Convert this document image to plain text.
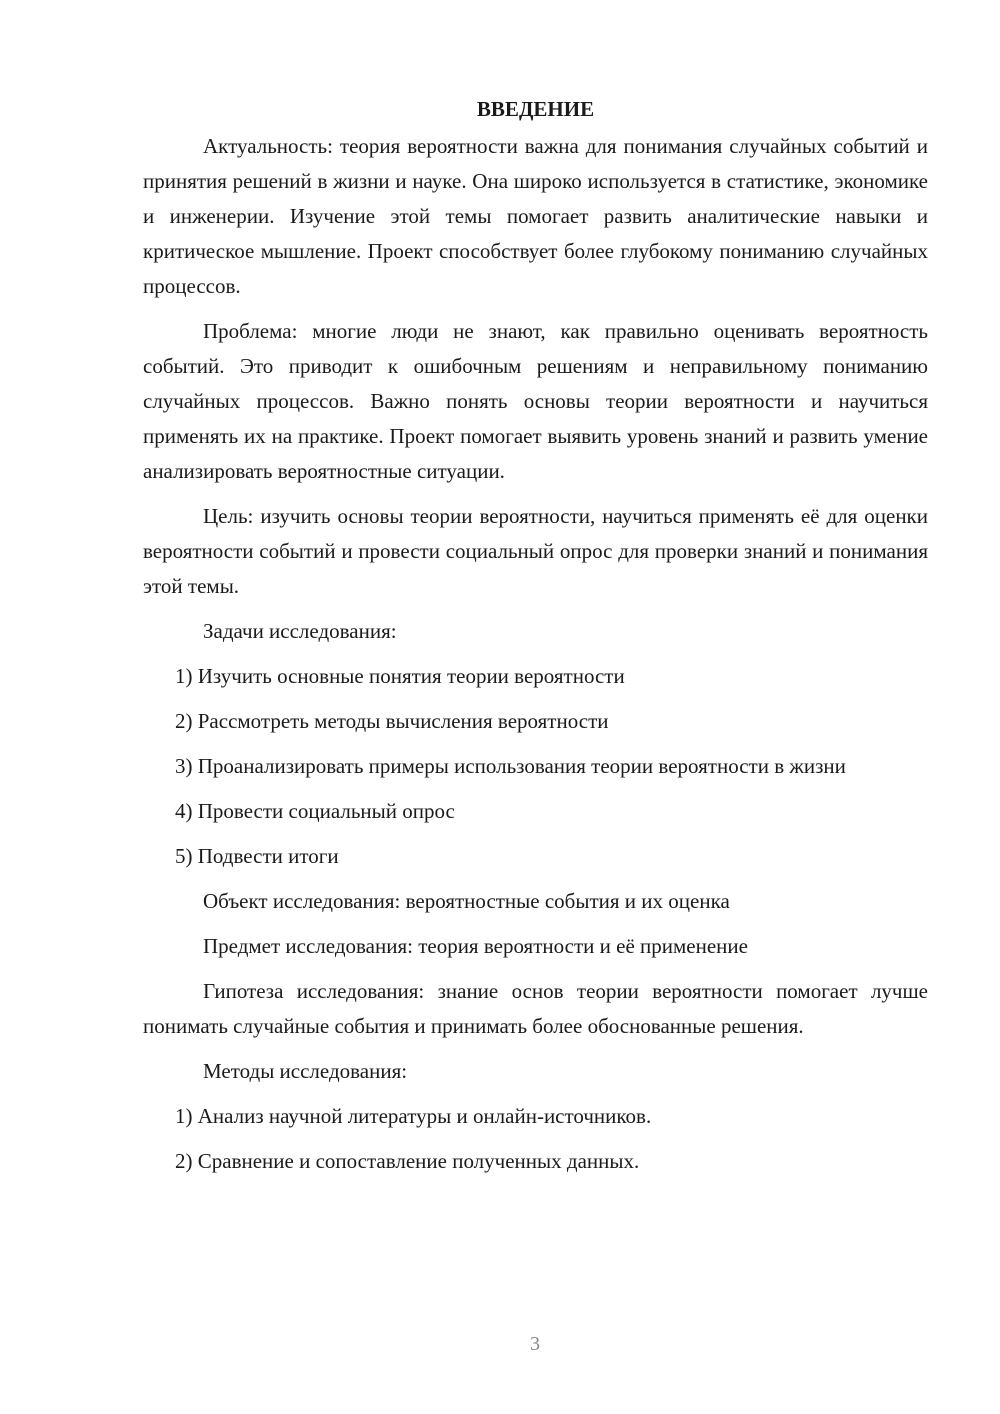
ВВЕДЕНИЕ

Актуальность: теория вероятности важна для понимания случайных событий и принятия решений в жизни и науке. Она широко используется в статистике, экономике и инженерии. Изучение этой темы помогает развить аналитические навыки и критическое мышление. Проект способствует более глубокому пониманию случайных процессов.

Проблема: многие люди не знают, как правильно оценивать вероятность событий. Это приводит к ошибочным решениям и неправильному пониманию случайных процессов. Важно понять основы теории вероятности и научиться применять их на практике. Проект помогает выявить уровень знаний и развить умение анализировать вероятностные ситуации.

Цель: изучить основы теории вероятности, научиться применять её для оценки вероятности событий и провести социальный опрос для проверки знаний и понимания этой темы.

Задачи исследования:

1) Изучить основные понятия теории вероятности

2) Рассмотреть методы вычисления вероятности

3) Проанализировать примеры использования теории вероятности в жизни

4) Провести социальный опрос

5) Подвести итоги

Объект исследования: вероятностные события и их оценка

Предмет исследования: теория вероятности и её применение

Гипотеза исследования: знание основ теории вероятности помогает лучше понимать случайные события и принимать более обоснованные решения.

Методы исследования:

1) Анализ научной литературы и онлайн-источников.

2) Сравнение и сопоставление полученных данных.

3
